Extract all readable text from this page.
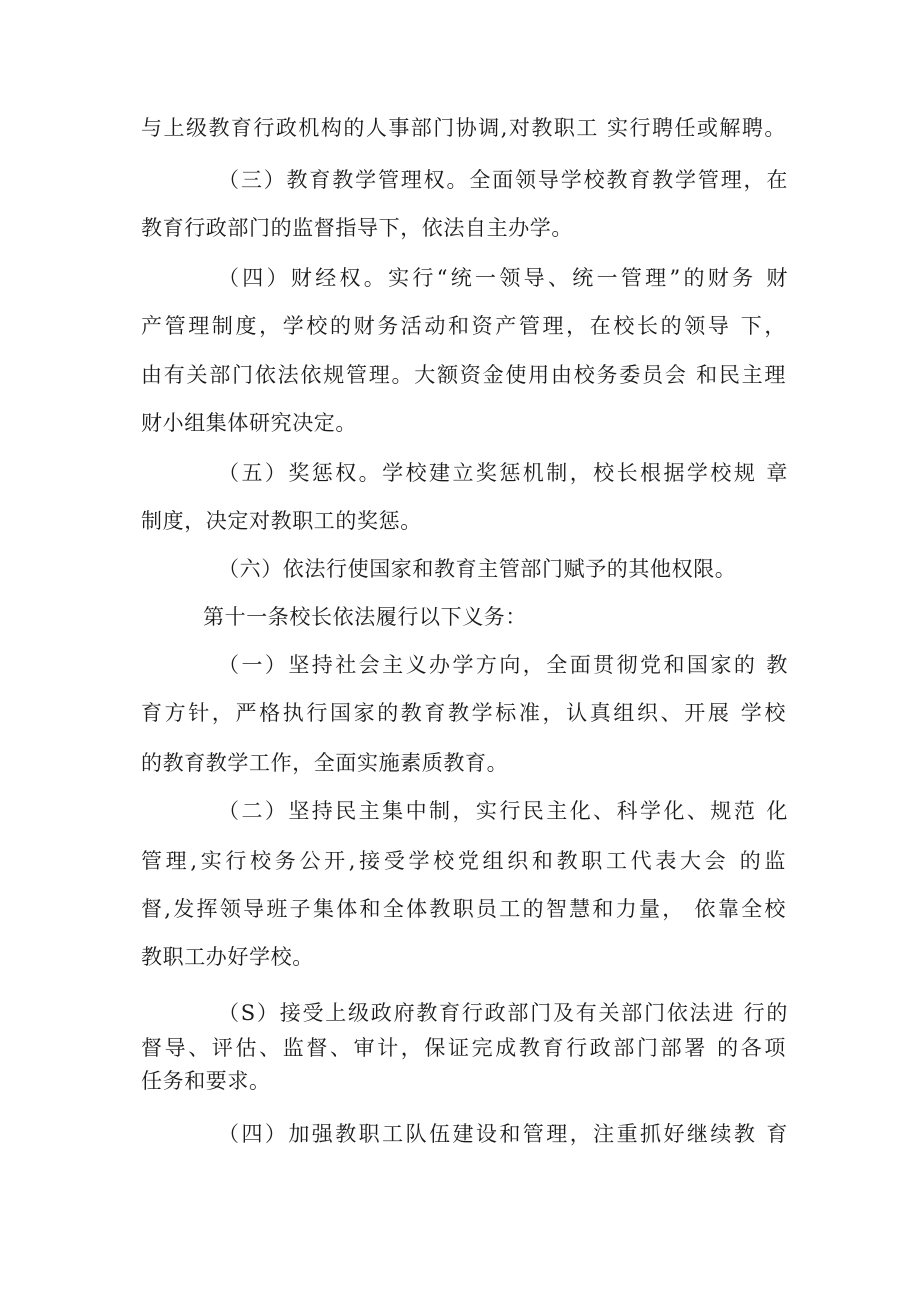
与上级教育行政机构的人事部门协调,对教职工 实行聘任或解聘。
（三）教育教学管理权。全面领导学校教育教学管理，在
教育行政部门的监督指导下，依法自主办学。
（四）财经权。实行“统一领导、统一管理”的财务 财
产管理制度，学校的财务活动和资产管理，在校长的领导 下，
由有关部门依法依规管理。大额资金使用由校务委员会 和民主理
财小组集体研究决定。
（五）奖惩权。学校建立奖惩机制，校长根据学校规 章
制度，决定对教职工的奖惩。
（六）依法行使国家和教育主管部门赋予的其他权限。
第十一条校长依法履行以下义务：
（一）坚持社会主义办学方向，全面贯彻党和国家的 教
育方针，严格执行国家的教育教学标准，认真组织、开展 学校
的教育教学工作，全面实施素质教育。
（二）坚持民主集中制，实行民主化、科学化、规范 化
管理,实行校务公开,接受学校党组织和教职工代表大会 的监
督,发挥领导班子集体和全体教职员工的智慧和力量， 依靠全校
教职工办好学校。
（S）接受上级政府教育行政部门及有关部门依法进 行的
督导、评估、监督、审计，保证完成教育行政部门部署 的各项
任务和要求。
（四）加强教职工队伍建设和管理，注重抓好继续教 育
